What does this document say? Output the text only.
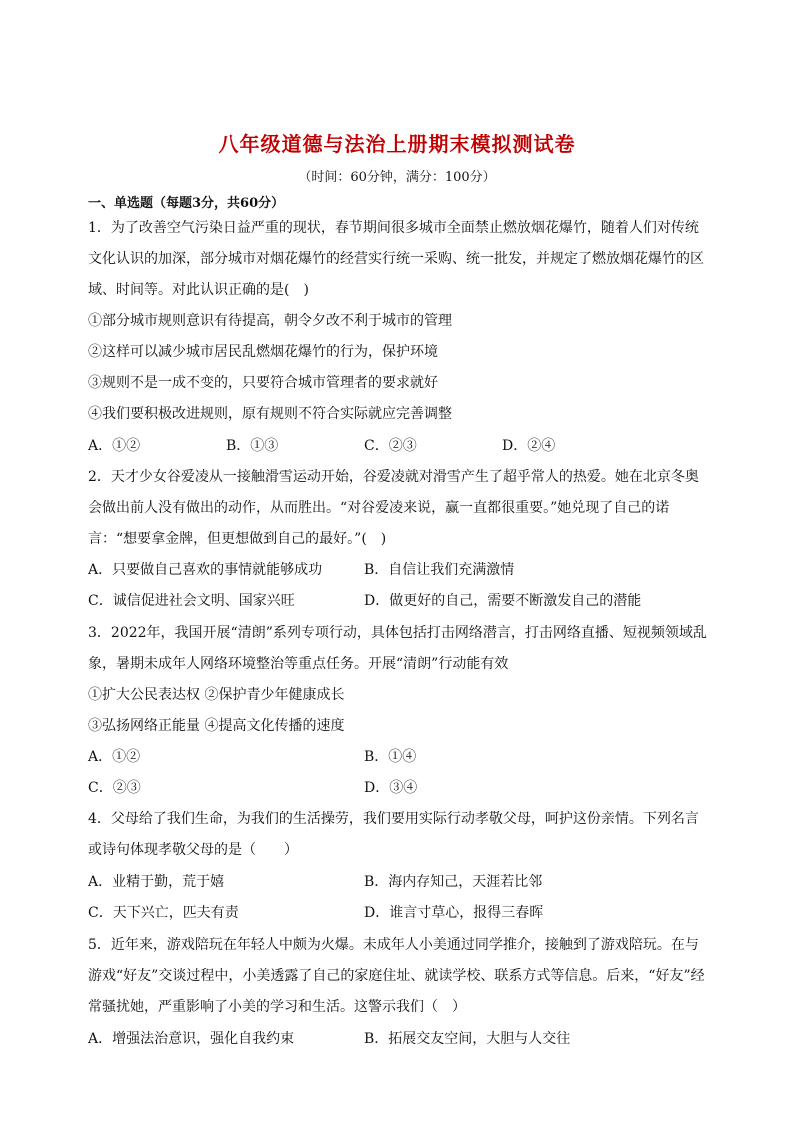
八年级道德与法治上册期末模拟测试卷
（时间：60分钟，满分：100分）
一、单选题（每题3分，共60分）
1．为了改善空气污染日益严重的现状，春节期间很多城市全面禁止燃放烟花爆竹，随着人们对传统文化认识的加深，部分城市对烟花爆竹的经营实行统一采购、统一批发，并规定了燃放烟花爆竹的区域、时间等。对此认识正确的是(　)
①部分城市规则意识有待提高，朝令夕改不利于城市的管理
②这样可以减少城市居民乱燃烟花爆竹的行为，保护环境
③规则不是一成不变的，只要符合城市管理者的要求就好
④我们要积极改进规则，原有规则不符合实际就应完善调整
A．①②	B．①③	C．②③	D．②④
2．天才少女谷爱凌从一接触滑雪运动开始，谷爱凌就对滑雪产生了超乎常人的热爱。她在北京冬奥会做出前人没有做出的动作，从而胜出。“对谷爱凌来说，赢一直都很重要。”她兑现了自己的诺言：“想要拿金牌，但更想做到自己的最好。”(　)
A．只要做自己喜欢的事情就能够成功	B．自信让我们充满激情
C．诚信促进社会文明、国家兴旺	D．做更好的自己，需要不断激发自己的潜能
3．2022年，我国开展“清朗”系列专项行动，具体包括打击网络潜言，打击网络直播、短视频领域乱象，暑期未成年人网络环境整治等重点任务。开展“清朗”行动能有效
①扩大公民表达权 ②保护青少年健康成长
③弘扬网络正能量 ④提高文化传播的速度
A．①②	B．①④
C．②③	D．③④
4．父母给了我们生命，为我们的生活操劳，我们要用实际行动孝敬父母，呵护这份亲情。下列名言或诗句体现孝敬父母的是（　　）
A．业精于勤，荒于嬉	B．海内存知己，天涯若比邻
C．天下兴亡，匹夫有责	D．谁言寸草心，报得三春晖
5．近年来，游戏陪玩在年轻人中颇为火爆。未成年人小美通过同学推介，接触到了游戏陪玩。在与游戏“好友”交谈过程中，小美透露了自己的家庭住址、就读学校、联系方式等信息。后来，“好友”经常骚扰她，严重影响了小美的学习和生活。这警示我们（　）
A．增强法治意识，强化自我约束	B．拓展交友空间，大胆与人交往
